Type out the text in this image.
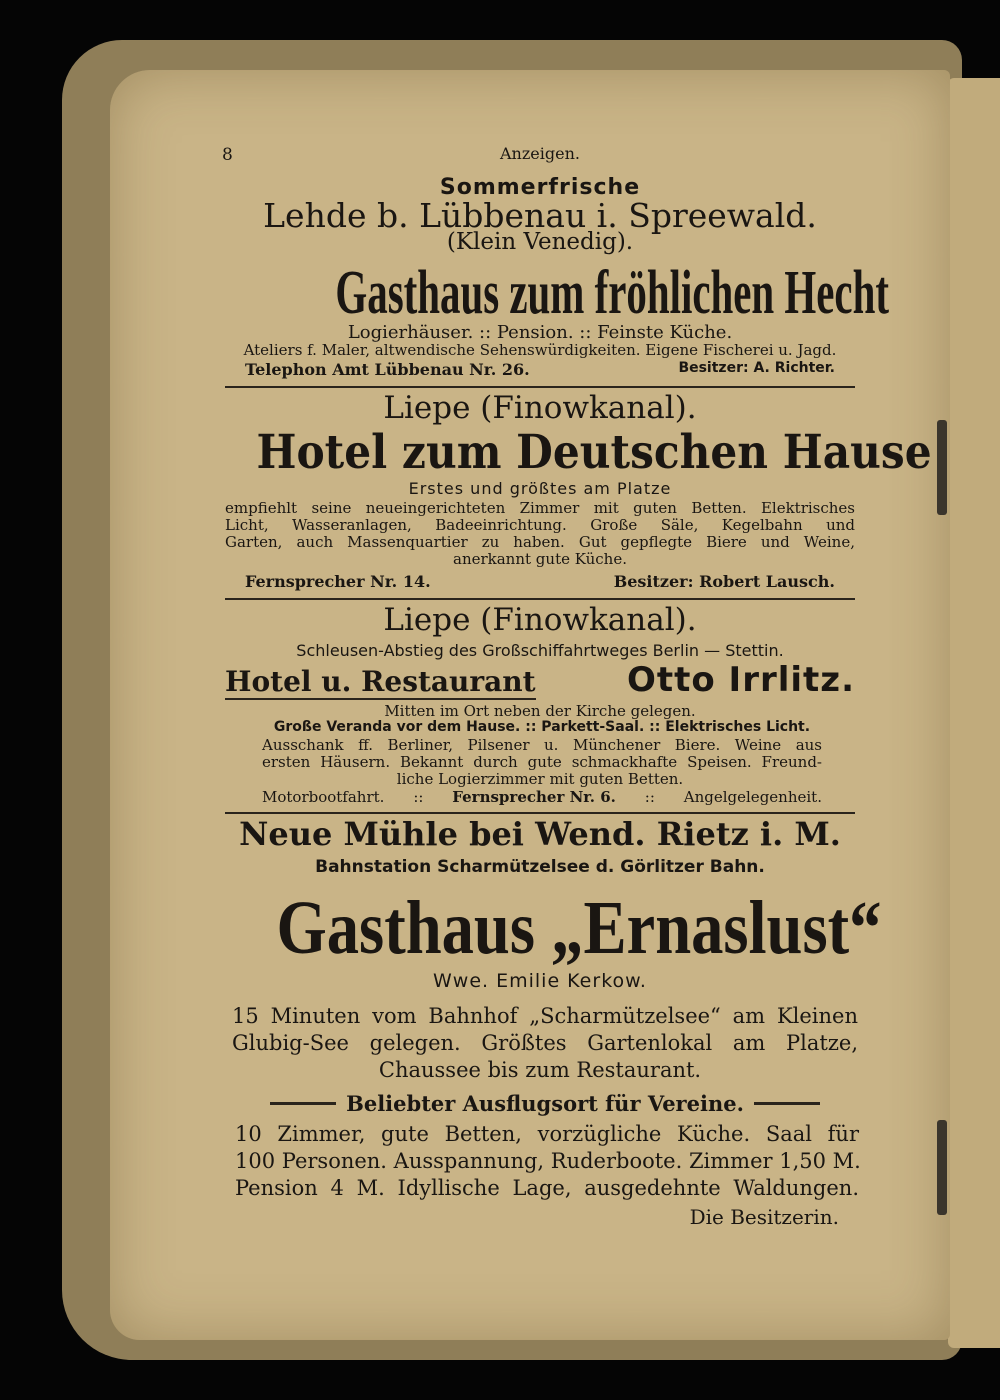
8	Anzeigen.
Sommerfrische
Lehde b. Lübbenau i. Spreewald.
(Klein Venedig).
Gasthaus zum fröhlichen Hecht
Logierhäuser. :: Pension. :: Feinste Küche.
Ateliers f. Maler, altwendische Sehenswürdigkeiten. Eigene Fischerei u. Jagd.
Telephon Amt Lübbenau Nr. 26.	Besitzer: A. Richter.
Liepe (Finowkanal).
Hotel zum Deutschen Hause
Erstes und größtes am Platze
empfiehlt seine neueingerichteten Zimmer mit guten Betten. Elektrisches
Licht, Wasseranlagen, Badeeinrichtung. Große Säle, Kegelbahn und
Garten, auch Massenquartier zu haben. Gut gepflegte Biere und Weine,
anerkannt gute Küche.
Fernsprecher Nr. 14.	Besitzer: Robert Lausch.
Liepe (Finowkanal).
Schleusen-Abstieg des Großschiffahrtweges Berlin — Stettin.
Hotel u. Restaurant	Otto Irrlitz.
Mitten im Ort neben der Kirche gelegen.
Große Veranda vor dem Hause. :: Parkett-Saal. :: Elektrisches Licht.
Ausschank ff. Berliner, Pilsener u. Münchener Biere. Weine aus
ersten Häusern. Bekannt durch gute schmackhafte Speisen. Freund-
liche Logierzimmer mit guten Betten.
Motorbootfahrt. :: Fernsprecher Nr. 6. :: Angelgelegenheit.
Neue Mühle bei Wend. Rietz i. M.
Bahnstation Scharmützelsee d. Görlitzer Bahn.
Gasthaus „Ernaslust“
Wwe. Emilie Kerkow.
15 Minuten vom Bahnhof „Scharmützelsee“ am Kleinen
Glubig-See gelegen. Größtes Gartenlokal am Platze,
Chaussee bis zum Restaurant.
Beliebter Ausflugsort für Vereine.
10 Zimmer, gute Betten, vorzügliche Küche. Saal für
100 Personen. Ausspannung, Ruderboote. Zimmer 1,50 M.
Pension 4 M. Idyllische Lage, ausgedehnte Waldungen.
Die Besitzerin.
